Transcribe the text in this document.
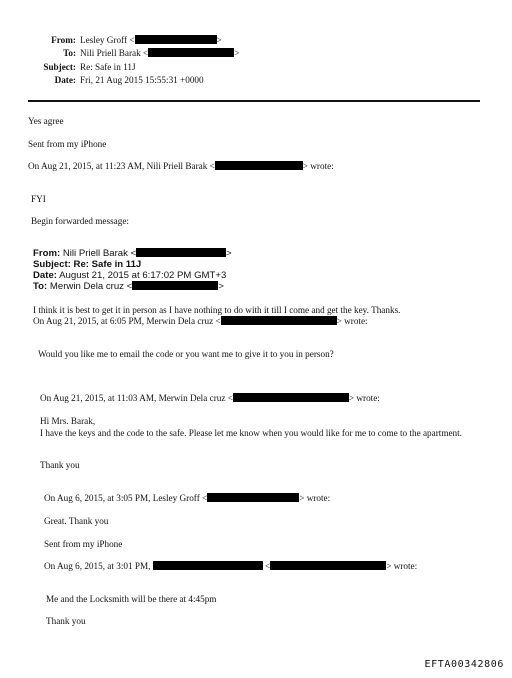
From: Lesley Groff <	>
To: Nili Priell Barak <	>
Subject: Re: Safe in 11J
Date: Fri, 21 Aug 2015 15:55:31 +0000
Yes agree
Sent from my iPhone
On Aug 21, 2015, at 11:23 AM, Nili Priell Barak <	> wrote:
FYI
Begin forwarded message:
From: Nili Priell Barak <	>
Subject: Re: Safe in 11J
Date: August 21, 2015 at 6:17:02 PM GMT+3
To: Merwin Dela cruz <	>
I think it is best to get it in person as I have nothing to do with it till I come and get the key. Thanks.
On Aug 21, 2015, at 6:05 PM, Merwin Dela cruz <	> wrote:
Would you like me to email the code or you want me to give it to you in person?
On Aug 21, 2015, at 11:03 AM, Merwin Dela cruz <	> wrote:
Hi Mrs. Barak,
I have the keys and the code to the safe. Please let me know when you would like for me to come to the apartment.
Thank you
On Aug 6, 2015, at 3:05 PM, Lesley Groff <	> wrote:
Great. Thank you
Sent from my iPhone
On Aug 6, 2015, at 3:01 PM,	<	> wrote:
Me and the Locksmith will be there at 4:45pm
Thank you
EFTA00342806
